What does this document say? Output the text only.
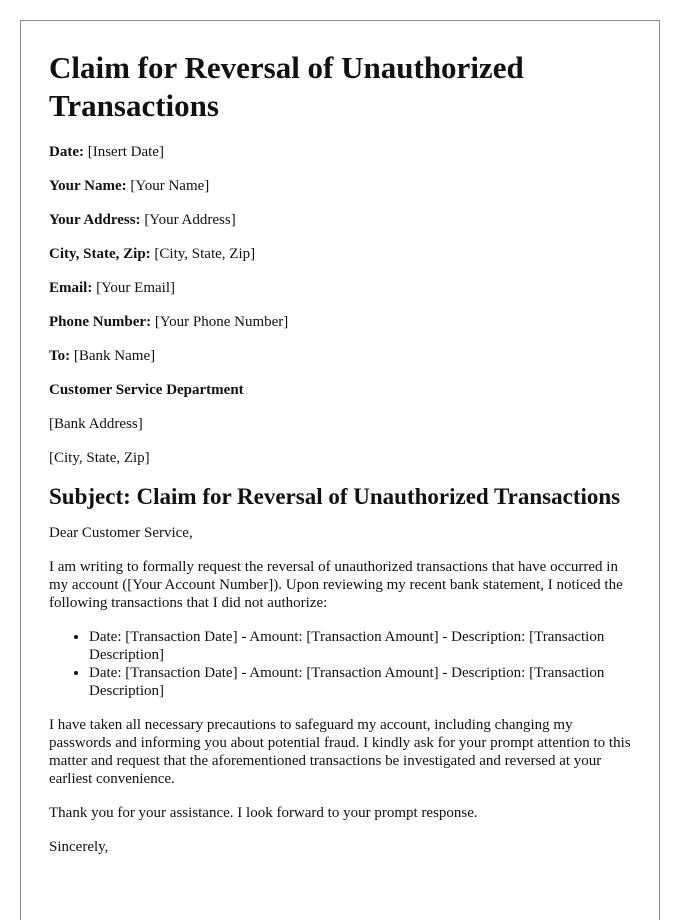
Claim for Reversal of Unauthorized Transactions
Date: [Insert Date]
Your Name: [Your Name]
Your Address: [Your Address]
City, State, Zip: [City, State, Zip]
Email: [Your Email]
Phone Number: [Your Phone Number]
To: [Bank Name]
Customer Service Department
[Bank Address]
[City, State, Zip]
Subject: Claim for Reversal of Unauthorized Transactions
Dear Customer Service,
I am writing to formally request the reversal of unauthorized transactions that have occurred in my account ([Your Account Number]). Upon reviewing my recent bank statement, I noticed the following transactions that I did not authorize:
• Date: [Transaction Date] - Amount: [Transaction Amount] - Description: [Transaction Description]
• Date: [Transaction Date] - Amount: [Transaction Amount] - Description: [Transaction Description]
I have taken all necessary precautions to safeguard my account, including changing my passwords and informing you about potential fraud. I kindly ask for your prompt attention to this matter and request that the aforementioned transactions be investigated and reversed at your earliest convenience.
Thank you for your assistance. I look forward to your prompt response.
Sincerely,
